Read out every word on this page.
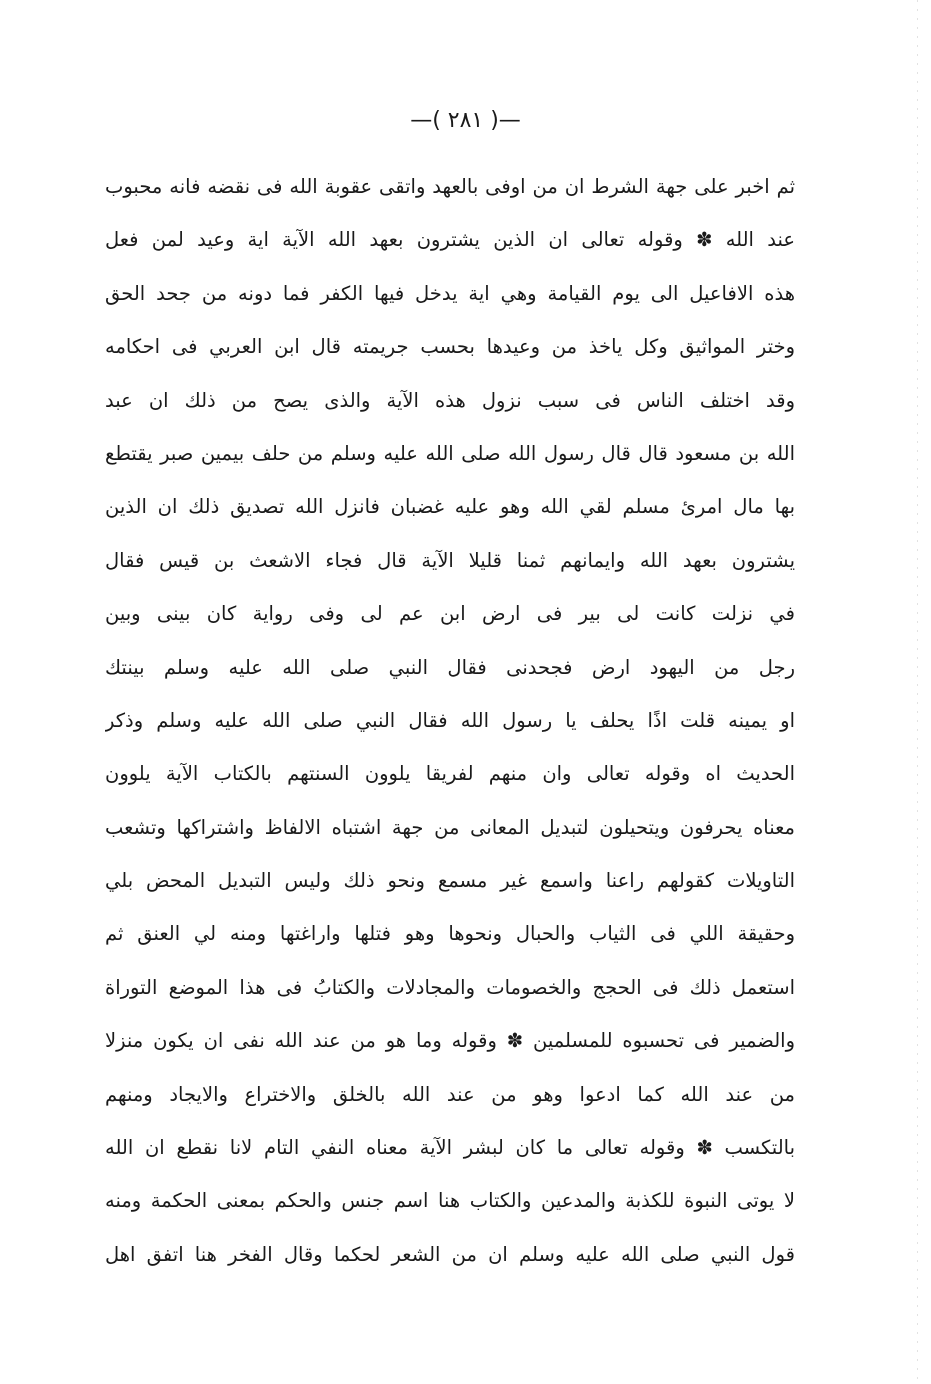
—( ٢٨١ )—
ثم اخبر على جهة الشرط ان من اوفى بالعهد واتقى عقوبة الله فى نقضه فانه محبوب
عند الله ✽ وقوله تعالى ان الذين يشترون بعهد الله الآية اية وعيد لمن فعل
هذه الافاعيل الى يوم القيامة وهي اية يدخل فيها الكفر فما دونه من جحد الحق
وختر المواثيق وكل ياخذ من وعيدها بحسب جريمته قال ابن العربي فى احكامه
وقد اختلف الناس فى سبب نزول هذه الآية والذى يصح من ذلك ان عبد
الله بن مسعود قال قال رسول الله صلى الله عليه وسلم من حلف بيمين صبر يقتطع
بها مال امرئ مسلم لقي الله وهو عليه غضبان فانزل الله تصديق ذلك ان الذين
يشترون بعهد الله وايمانهم ثمنا قليلا الآية قال فجاء الاشعث بن قيس فقال
في نزلت كانت لى بير فى ارض ابن عم لى وفى رواية كان بينى وبين
رجل من اليهود ارض فجحدنى فقال النبي صلى الله عليه وسلم بينتك
او يمينه قلت اذًا يحلف يا رسول الله فقال النبي صلى الله عليه وسلم وذكر
الحديث اه وقوله تعالى وان منهم لفريقا يلوون السنتهم بالكتاب الآية يلوون
معناه يحرفون ويتحيلون لتبديل المعانى من جهة اشتباه الالفاظ واشتراكها وتشعب
التاويلات كقولهم راعنا واسمع غير مسمع ونحو ذلك وليس التبديل المحض بلي
وحقيقة اللي فى الثياب والحبال ونحوها وهو فتلها واراغتها ومنه لي العنق ثم
استعمل ذلك فى الحجج والخصومات والمجادلات والكتابُ فى هذا الموضع التوراة
والضمير فى تحسبوه للمسلمين ✽ وقوله وما هو من عند الله نفى ان يكون منزلا
من عند الله كما ادعوا وهو من عند الله بالخلق والاختراع والايجاد ومنهم
بالتكسب ✽ وقوله تعالى ما كان لبشر الآية معناه النفي التام لانا نقطع ان الله
لا يوتى النبوة للكذبة والمدعين والكتاب هنا اسم جنس والحكم بمعنى الحكمة ومنه
قول النبي صلى الله عليه وسلم ان من الشعر لحكما وقال الفخر هنا اتفق اهل
